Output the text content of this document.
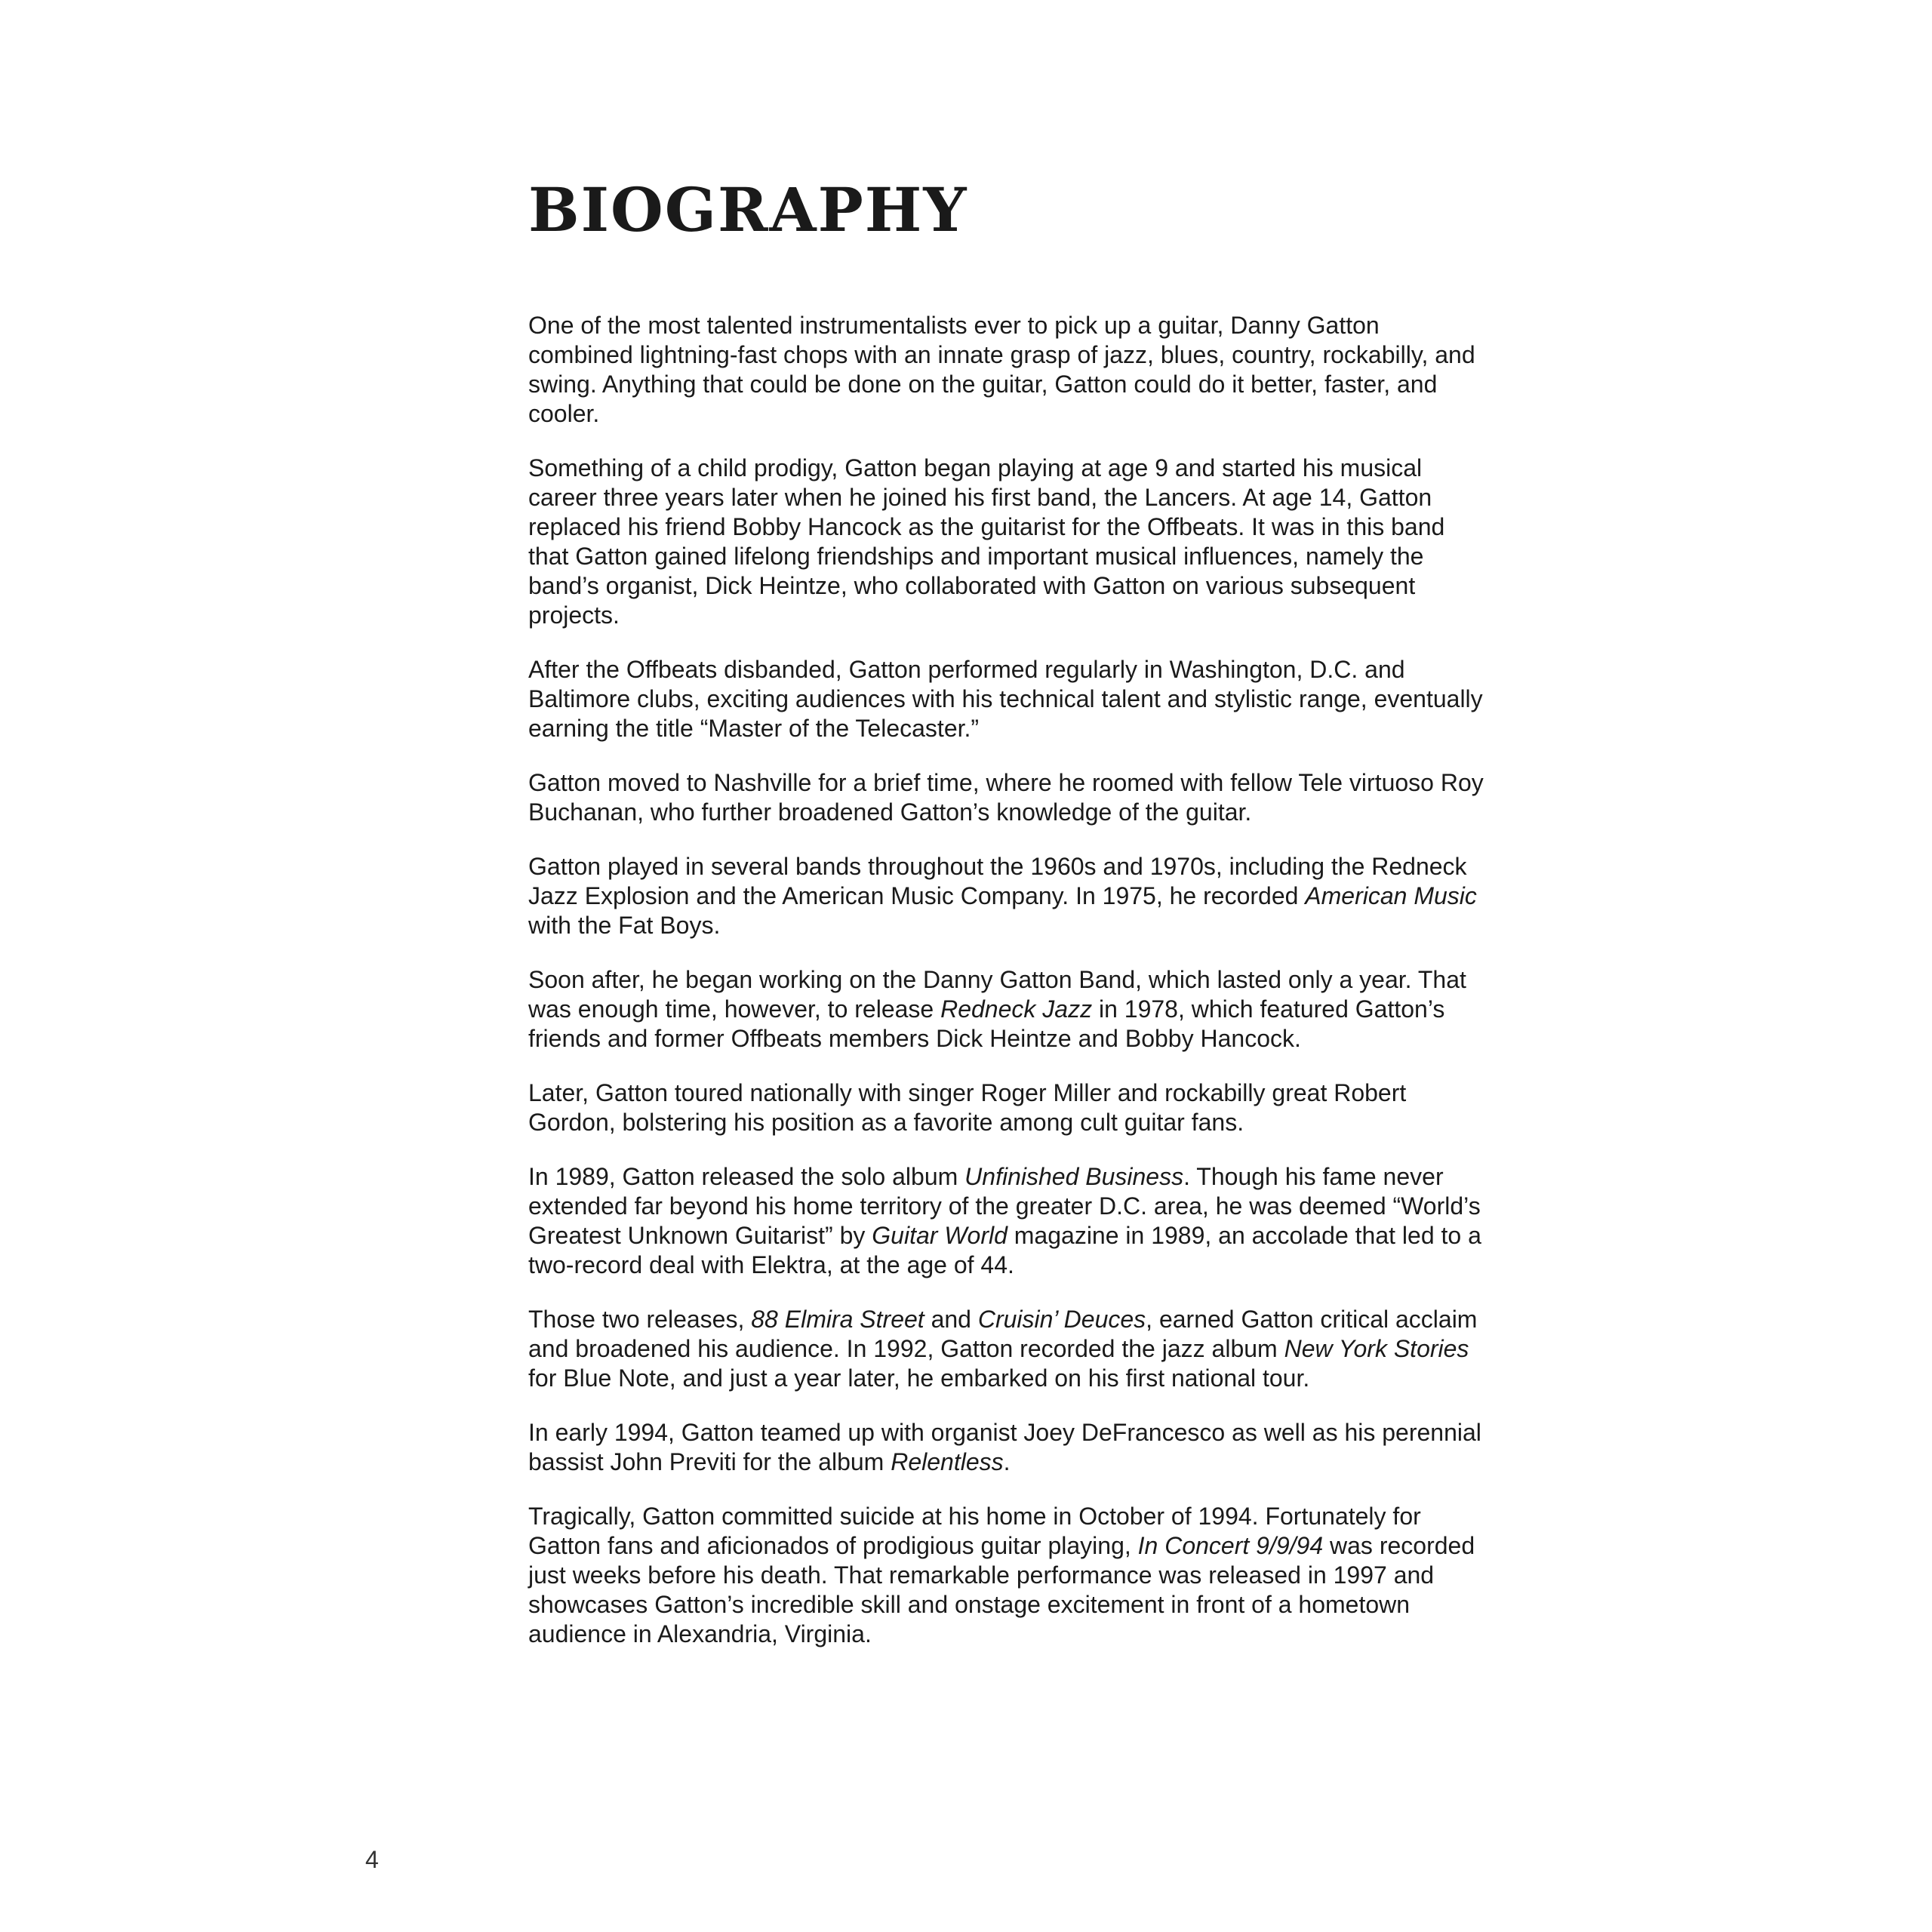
BIOGRAPHY

One of the most talented instrumentalists ever to pick up a guitar, Danny Gatton combined lightning-fast chops with an innate grasp of jazz, blues, country, rockabilly, and swing. Anything that could be done on the guitar, Gatton could do it better, faster, and cooler.

Something of a child prodigy, Gatton began playing at age 9 and started his musical career three years later when he joined his first band, the Lancers. At age 14, Gatton replaced his friend Bobby Hancock as the guitarist for the Offbeats. It was in this band that Gatton gained lifelong friendships and important musical influences, namely the band’s organist, Dick Heintze, who collaborated with Gatton on various subsequent projects.

After the Offbeats disbanded, Gatton performed regularly in Washington, D.C. and Baltimore clubs, exciting audiences with his technical talent and stylistic range, eventually earning the title “Master of the Telecaster.”

Gatton moved to Nashville for a brief time, where he roomed with fellow Tele virtuoso Roy Buchanan, who further broadened Gatton’s knowledge of the guitar.

Gatton played in several bands throughout the 1960s and 1970s, including the Redneck Jazz Explosion and the American Music Company. In 1975, he recorded American Music with the Fat Boys.

Soon after, he began working on the Danny Gatton Band, which lasted only a year. That was enough time, however, to release Redneck Jazz in 1978, which featured Gatton’s friends and former Offbeats members Dick Heintze and Bobby Hancock.

Later, Gatton toured nationally with singer Roger Miller and rockabilly great Robert Gordon, bolstering his position as a favorite among cult guitar fans.

In 1989, Gatton released the solo album Unfinished Business. Though his fame never extended far beyond his home territory of the greater D.C. area, he was deemed “World’s Greatest Unknown Guitarist” by Guitar World magazine in 1989, an accolade that led to a two-record deal with Elektra, at the age of 44.

Those two releases, 88 Elmira Street and Cruisin’ Deuces, earned Gatton critical acclaim and broadened his audience. In 1992, Gatton recorded the jazz album New York Stories for Blue Note, and just a year later, he embarked on his first national tour.

In early 1994, Gatton teamed up with organist Joey DeFrancesco as well as his perennial bassist John Previti for the album Relentless.

Tragically, Gatton committed suicide at his home in October of 1994. Fortunately for Gatton fans and aficionados of prodigious guitar playing, In Concert 9/9/94 was recorded just weeks before his death. That remarkable performance was released in 1997 and showcases Gatton’s incredible skill and onstage excitement in front of a hometown audience in Alexandria, Virginia.

4
